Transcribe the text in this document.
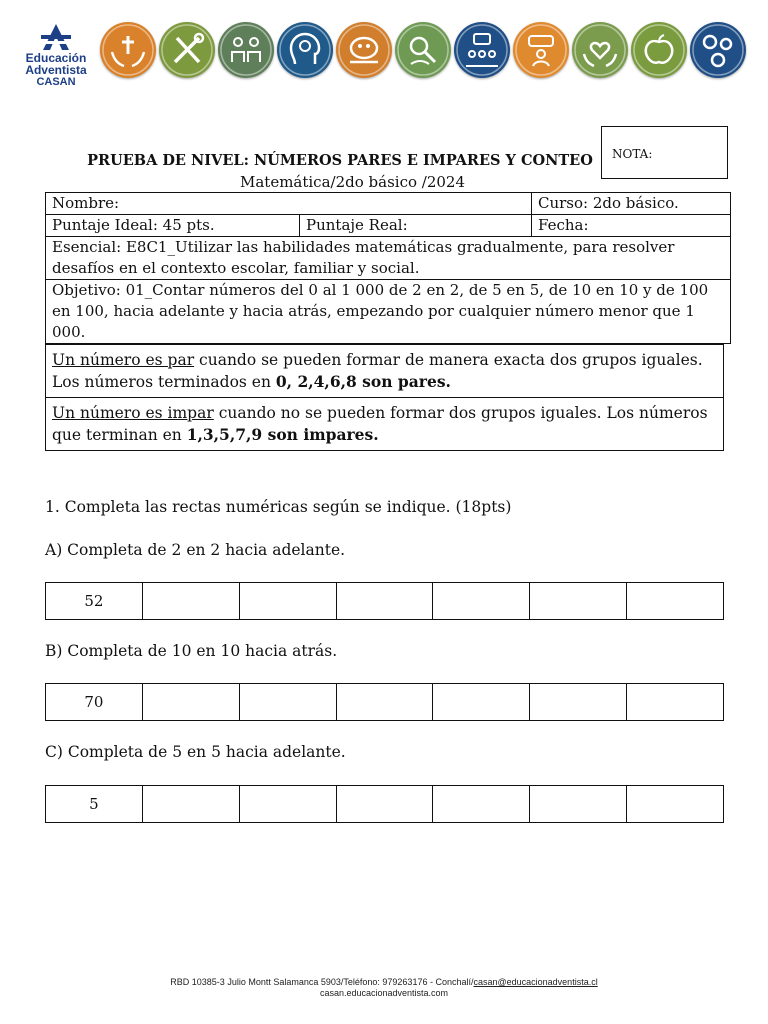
Educación
Adventista
CASAN
NOTA:
PRUEBA DE NIVEL: NÚMEROS PARES E IMPARES Y CONTEO
Matemática/2do básico /2024
Nombre:		Curso: 2do básico.
Puntaje Ideal: 45 pts.	Puntaje Real:	Fecha:
Esencial: E8C1_Utilizar las habilidades matemáticas gradualmente, para resolver desafíos en el contexto escolar, familiar y social.		
Objetivo: 01_Contar números del 0 al 1 000 de 2 en 2, de 5 en 5, de 10 en 10 y de 100 en 100, hacia adelante y hacia atrás, empezando por cualquier número menor que 1 000.		
Un número es par cuando se pueden formar de manera exacta dos grupos iguales. Los números terminados en 0, 2,4,6,8 son pares.
Un número es impar cuando no se pueden formar dos grupos iguales. Los números que terminan en 1,3,5,7,9 son impares.
1. Completa las rectas numéricas según se indique. (18pts)
A) Completa de 2 en 2 hacia adelante.
52
B) Completa de 10 en 10 hacia atrás.
70
C) Completa de 5 en 5 hacia adelante.
5
RBD 10385-3 Julio Montt Salamanca 5903/Teléfono: 979263176 - Conchalí/casan@educacionadventista.cl
casan.educacionadventista.com
